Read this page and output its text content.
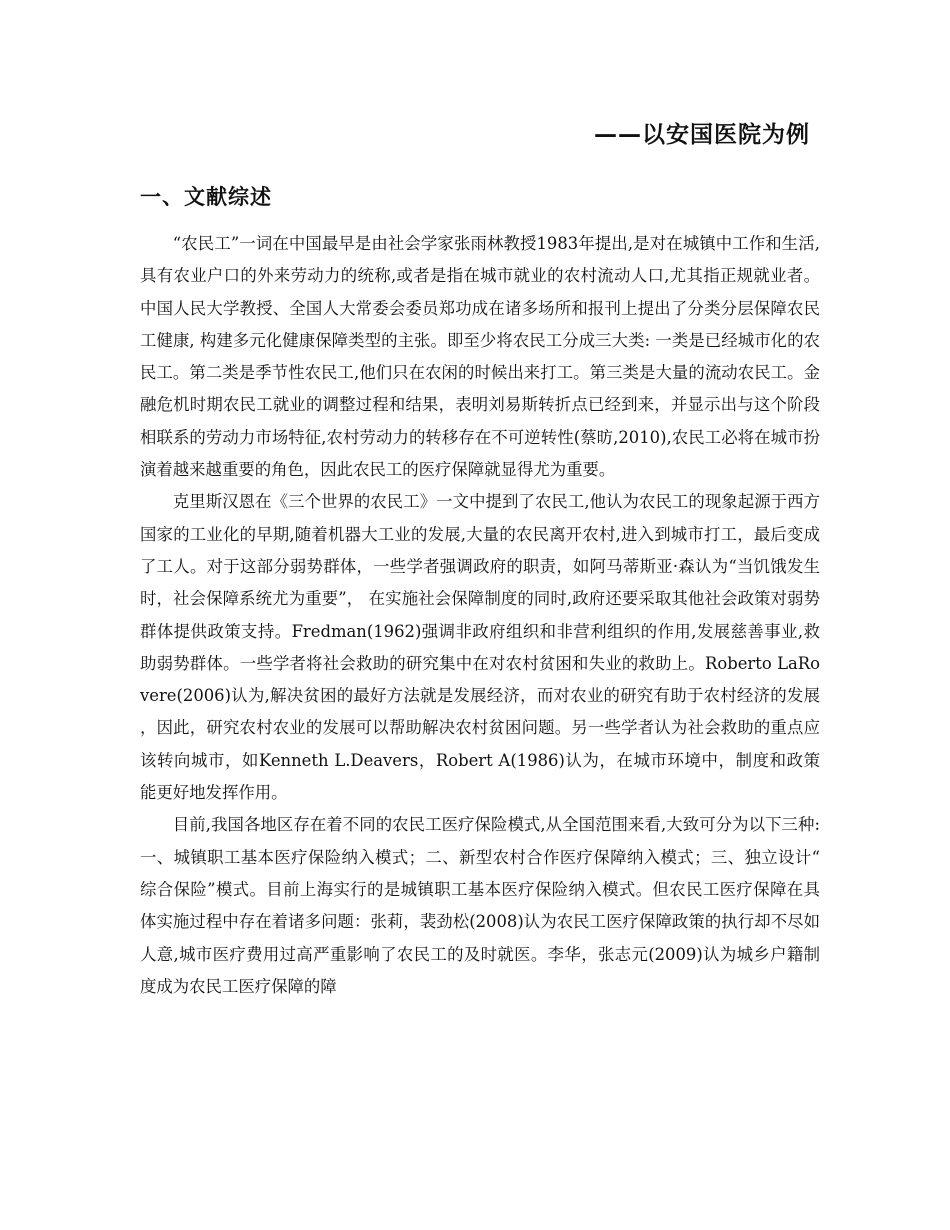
——以安国医院为例
一、文献综述

“农民工”一词在中国最早是由社会学家张雨林教授1983年提出,是对在城镇中工作和生活,具有农业户口的外来劳动力的统称,或者是指在城市就业的农村流动人口,尤其指正规就业者。中国人民大学教授、全国人大常委会委员郑功成在诸多场所和报刊上提出了分类分层保障农民工健康, 构建多元化健康保障类型的主张。即至少将农民工分成三大类: 一类是已经城市化的农民工。第二类是季节性农民工,他们只在农闲的时候出来打工。第三类是大量的流动农民工。金融危机时期农民工就业的调整过程和结果，表明刘易斯转折点已经到来，并显示出与这个阶段相联系的劳动力市场特征,农村劳动力的转移存在不可逆转性(蔡昉,2010),农民工必将在城市扮演着越来越重要的角色，因此农民工的医疗保障就显得尤为重要。

克里斯汉恩在《三个世界的农民工》一文中提到了农民工,他认为农民工的现象起源于西方国家的工业化的早期,随着机器大工业的发展,大量的农民离开农村,进入到城市打工，最后变成了工人。对于这部分弱势群体，一些学者强调政府的职责，如阿马蒂斯亚·森认为“当饥饿发生时，社会保障系统尤为重要”， 在实施社会保障制度的同时,政府还要采取其他社会政策对弱势群体提供政策支持。Fredman(1962)强调非政府组织和非营利组织的作用,发展慈善事业,救助弱势群体。一些学者将社会救助的研究集中在对农村贫困和失业的救助上。Roberto LaRovere(2006)认为,解决贫困的最好方法就是发展经济，而对农业的研究有助于农村经济的发展，因此，研究农村农业的发展可以帮助解决农村贫困问题。另一些学者认为社会救助的重点应该转向城市，如Kenneth L.Deavers，Robert A(1986)认为，在城市环境中，制度和政策能更好地发挥作用。

目前,我国各地区存在着不同的农民工医疗保险模式,从全国范围来看,大致可分为以下三种:一、城镇职工基本医疗保险纳入模式；二、新型农村合作医疗保障纳入模式；三、独立设计“综合保险”模式。目前上海实行的是城镇职工基本医疗保险纳入模式。但农民工医疗保障在具体实施过程中存在着诸多问题：张莉，裴劲松(2008)认为农民工医疗保障政策的执行却不尽如人意,城市医疗费用过高严重影响了农民工的及时就医。李华，张志元(2009)认为城乡户籍制度成为农民工医疗保障的障
